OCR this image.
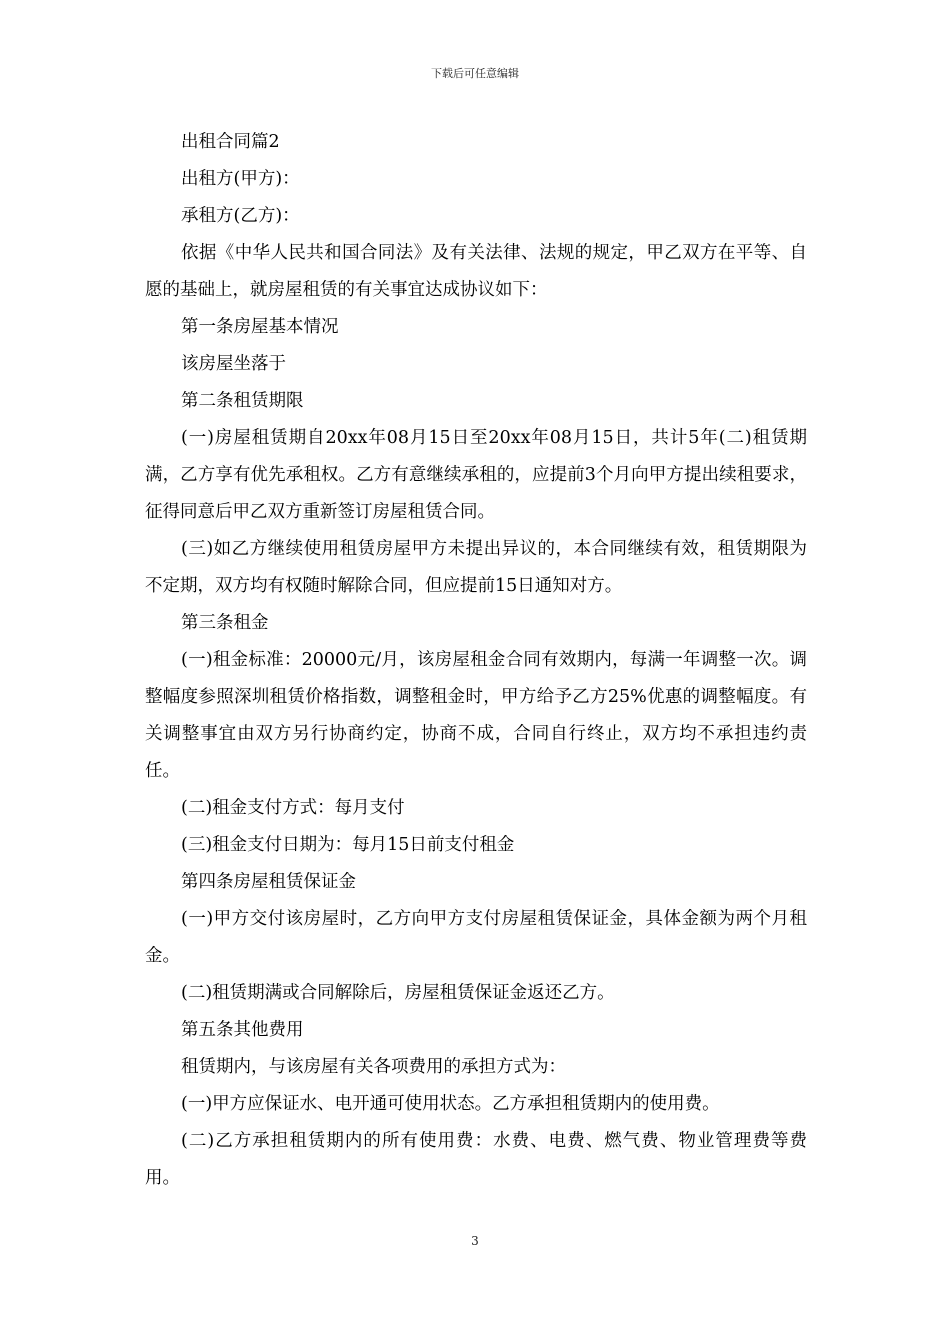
下载后可任意编辑

出租合同篇2

出租方(甲方)：

承租方(乙方)：

依据《中华人民共和国合同法》及有关法律、法规的规定，甲乙双方在平等、自愿的基础上，就房屋租赁的有关事宜达成协议如下：

第一条房屋基本情况

该房屋坐落于

第二条租赁期限

(一)房屋租赁期自20xx年08月15日至20xx年08月15日，共计5年(二)租赁期满，乙方享有优先承租权。乙方有意继续承租的，应提前3个月向甲方提出续租要求，征得同意后甲乙双方重新签订房屋租赁合同。

(三)如乙方继续使用租赁房屋甲方未提出异议的，本合同继续有效，租赁期限为不定期，双方均有权随时解除合同，但应提前15日通知对方。

第三条租金

(一)租金标准：20000元/月，该房屋租金合同有效期内，每满一年调整一次。调整幅度参照深圳租赁价格指数，调整租金时，甲方给予乙方25%优惠的调整幅度。有关调整事宜由双方另行协商约定，协商不成，合同自行终止，双方均不承担违约责任。

(二)租金支付方式：每月支付

(三)租金支付日期为：每月15日前支付租金

第四条房屋租赁保证金

(一)甲方交付该房屋时，乙方向甲方支付房屋租赁保证金，具体金额为两个月租金。

(二)租赁期满或合同解除后，房屋租赁保证金返还乙方。

第五条其他费用

租赁期内，与该房屋有关各项费用的承担方式为：

(一)甲方应保证水、电开通可使用状态。乙方承担租赁期内的使用费。

(二)乙方承担租赁期内的所有使用费：水费、电费、燃气费、物业管理费等费用。

3
